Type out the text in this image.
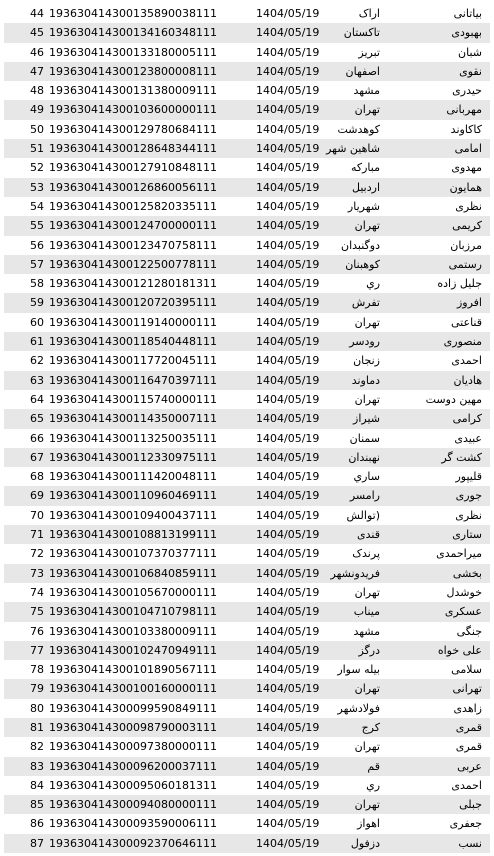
44 193630414300135890038111	1404/05/19	اراک	بیاتانی
45 193630414300134160348111	1404/05/19 تاکستان	بهبودی
46 193630414300133180005111	1404/05/19	تبریز	شبان
47 193630414300123800008111	1404/05/19 اصفهان	نقوی
48 193630414300131380009111	1404/05/19	مشهد	حیدری
49 193630414300103600000111	1404/05/19	تهران	مهربانی
50 193630414300129780684111	1404/05/19 کوهدشت	کاکاوند
51 193630414300128648344111	1404/05/19 شاهین شهر	امامی
52 193630414300127910848111	1404/05/19	مبارکه	مهدوی
53 193630414300126860056111	1404/05/19	اردبیل	همایون
54 193630414300125820335111	1404/05/19	شهریار	نظری
55 193630414300124700000111	1404/05/19	تهران	کریمی
56 193630414300123470758111	1404/05/19 دوگنبدان	مرزبان
57 193630414300122500778111	1404/05/19 کوهبنان	رستمی
58 193630414300121280181311	1404/05/19	ري	جلیل زاده
59 193630414300120720395111	1404/05/19	تفرش	افروز
60 193630414300119140000111	1404/05/19	تهران	قناعتی
61 193630414300118540448111	1404/05/19	رودسر	منصوری
62 193630414300117720045111	1404/05/19	زنجان	احمدی
63 193630414300116470397111	1404/05/19	دماوند	هادیان
64 193630414300115740000111	1404/05/19	تهران	مهین دوست
65 193630414300114350007111	1404/05/19	شیراز	کرامی
66 193630414300113250035111	1404/05/19	سمنان	عبیدی
67 193630414300112330975111	1404/05/19	نهبندان	کشت گر
68 193630414300111420048111	1404/05/19	ساري	قلیپور
69 193630414300110960469111	1404/05/19	رامسر	جوری
70 193630414300109400437111	1404/05/19 (توالش	نظری
71 193630414300108813199111	1404/05/19	قندی	ستاری
72 193630414300107370377111	1404/05/19	پرندک	میراحمدی
73 193630414300106840859111	1404/05/19 فریدونشهر	بخشی
74 193630414300105670000111	1404/05/19	تهران	خوشدل
75 193630414300104710798111	1404/05/19	میناب	عسکری
76 193630414300103380009111	1404/05/19	مشهد	جنگی
77 193630414300102470949111	1404/05/19	درگز	علی خواه
78 193630414300101890567111	1404/05/19 بیله سوار	سلامی
79 193630414300100160000111	1404/05/19	تهران	تهرانی
80 193630414300099590849111	1404/05/19 فولادشهر	زاهدی
81 193630414300098790003111	1404/05/19	کرج	قمری
82 193630414300097380000111	1404/05/19	تهران	قمری
83 193630414300096200037111	1404/05/19	قم	عربی
84 193630414300095060181311	1404/05/19	ري	احمدی
85 193630414300094080000111	1404/05/19	تهران	جبلی
86 193630414300093590006111	1404/05/19	اهواز	جعفری
87 193630414300092370646111	1404/05/19	دزفول	نسب
